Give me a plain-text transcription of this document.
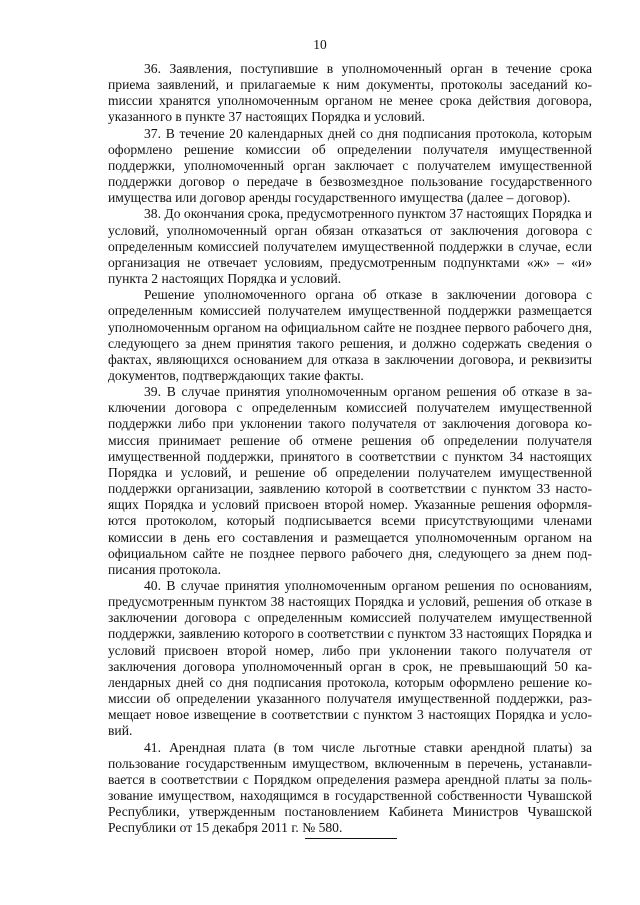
10

36. Заявления, поступившие в уполномоченный орган в течение срока приема заявлений, и прилагаемые к ним документы, протоколы заседаний коmиссии хранятся уполномоченным органом не менее срока действия договора, указанного в пункте 37 настоящих Порядка и условий.

37. В течение 20 календарных дней со дня подписания протокола, которым оформлено решение комиссии об определении получателя имущественной поддержки, уполномоченный орган заключает с получателем имущественной поддержки договор о передаче в безвозмездное пользование государственного имущества или договор аренды государственного имущества (далее – договор).

38. До окончания срока, предусмотренного пунктом 37 настоящих Порядка и условий, уполномоченный орган обязан отказаться от заключения договора с определенным комиссией получателем имущественной поддержки в случае, если организация не отвечает условиям, предусмотренным подпунктами «ж» – «и» пункта 2 настоящих Порядка и условий.

Решение уполномоченного органа об отказе в заключении договора с определенным комиссией получателем имущественной поддержки размещается уполномоченным органом на официальном сайте не позднее первого рабочего дня, следующего за днем принятия такого решения, и должно содержать сведения о фактах, являющихся основанием для отказа в заключении договора, и реквизиты документов, подтверждающих такие факты.

39. В случае принятия уполномоченным органом решения об отказе в заключении договора с определенным комиссией получателем имущественной поддержки либо при уклонении такого получателя от заключения договора комиссия принимает решение об отмене решения об определении получателя имущественной поддержки, принятого в соответствии с пунктом 34 настоящих Порядка и условий, и решение об определении получателем имущественной поддержки организации, заявлению которой в соответствии с пунктом 33 настоящих Порядка и условий присвоен второй номер. Указанные решения оформляются протоколом, который подписывается всеми присутствующими членами комиссии в день его составления и размещается уполномоченным органом на официальном сайте не позднее первого рабочего дня, следующего за днем подписания протокола.

40. В случае принятия уполномоченным органом решения по основаниям, предусмотренным пунктом 38 настоящих Порядка и условий, решения об отказе в заключении договора с определенным комиссией получателем имущественной поддержки, заявлению которого в соответствии с пунктом 33 настоящих Порядка и условий присвоен второй номер, либо при уклонении такого получателя от заключения договора уполномоченный орган в срок, не превышающий 50 календарных дней со дня подписания протокола, которым оформлено решение комиссии об определении указанного получателя имущественной поддержки, размещает новое извещение в соответствии с пунктом 3 настоящих Порядка и условий.

41. Арендная плата (в том числе льготные ставки арендной платы) за пользование государственным имуществом, включенным в перечень, устанавливается в соответствии с Порядком определения размера арендной платы за пользование имуществом, находящимся в государственной собственности Чувашской Республики, утвержденным постановлением Кабинета Министров Чувашской Республики от 15 декабря 2011 г. № 580.
